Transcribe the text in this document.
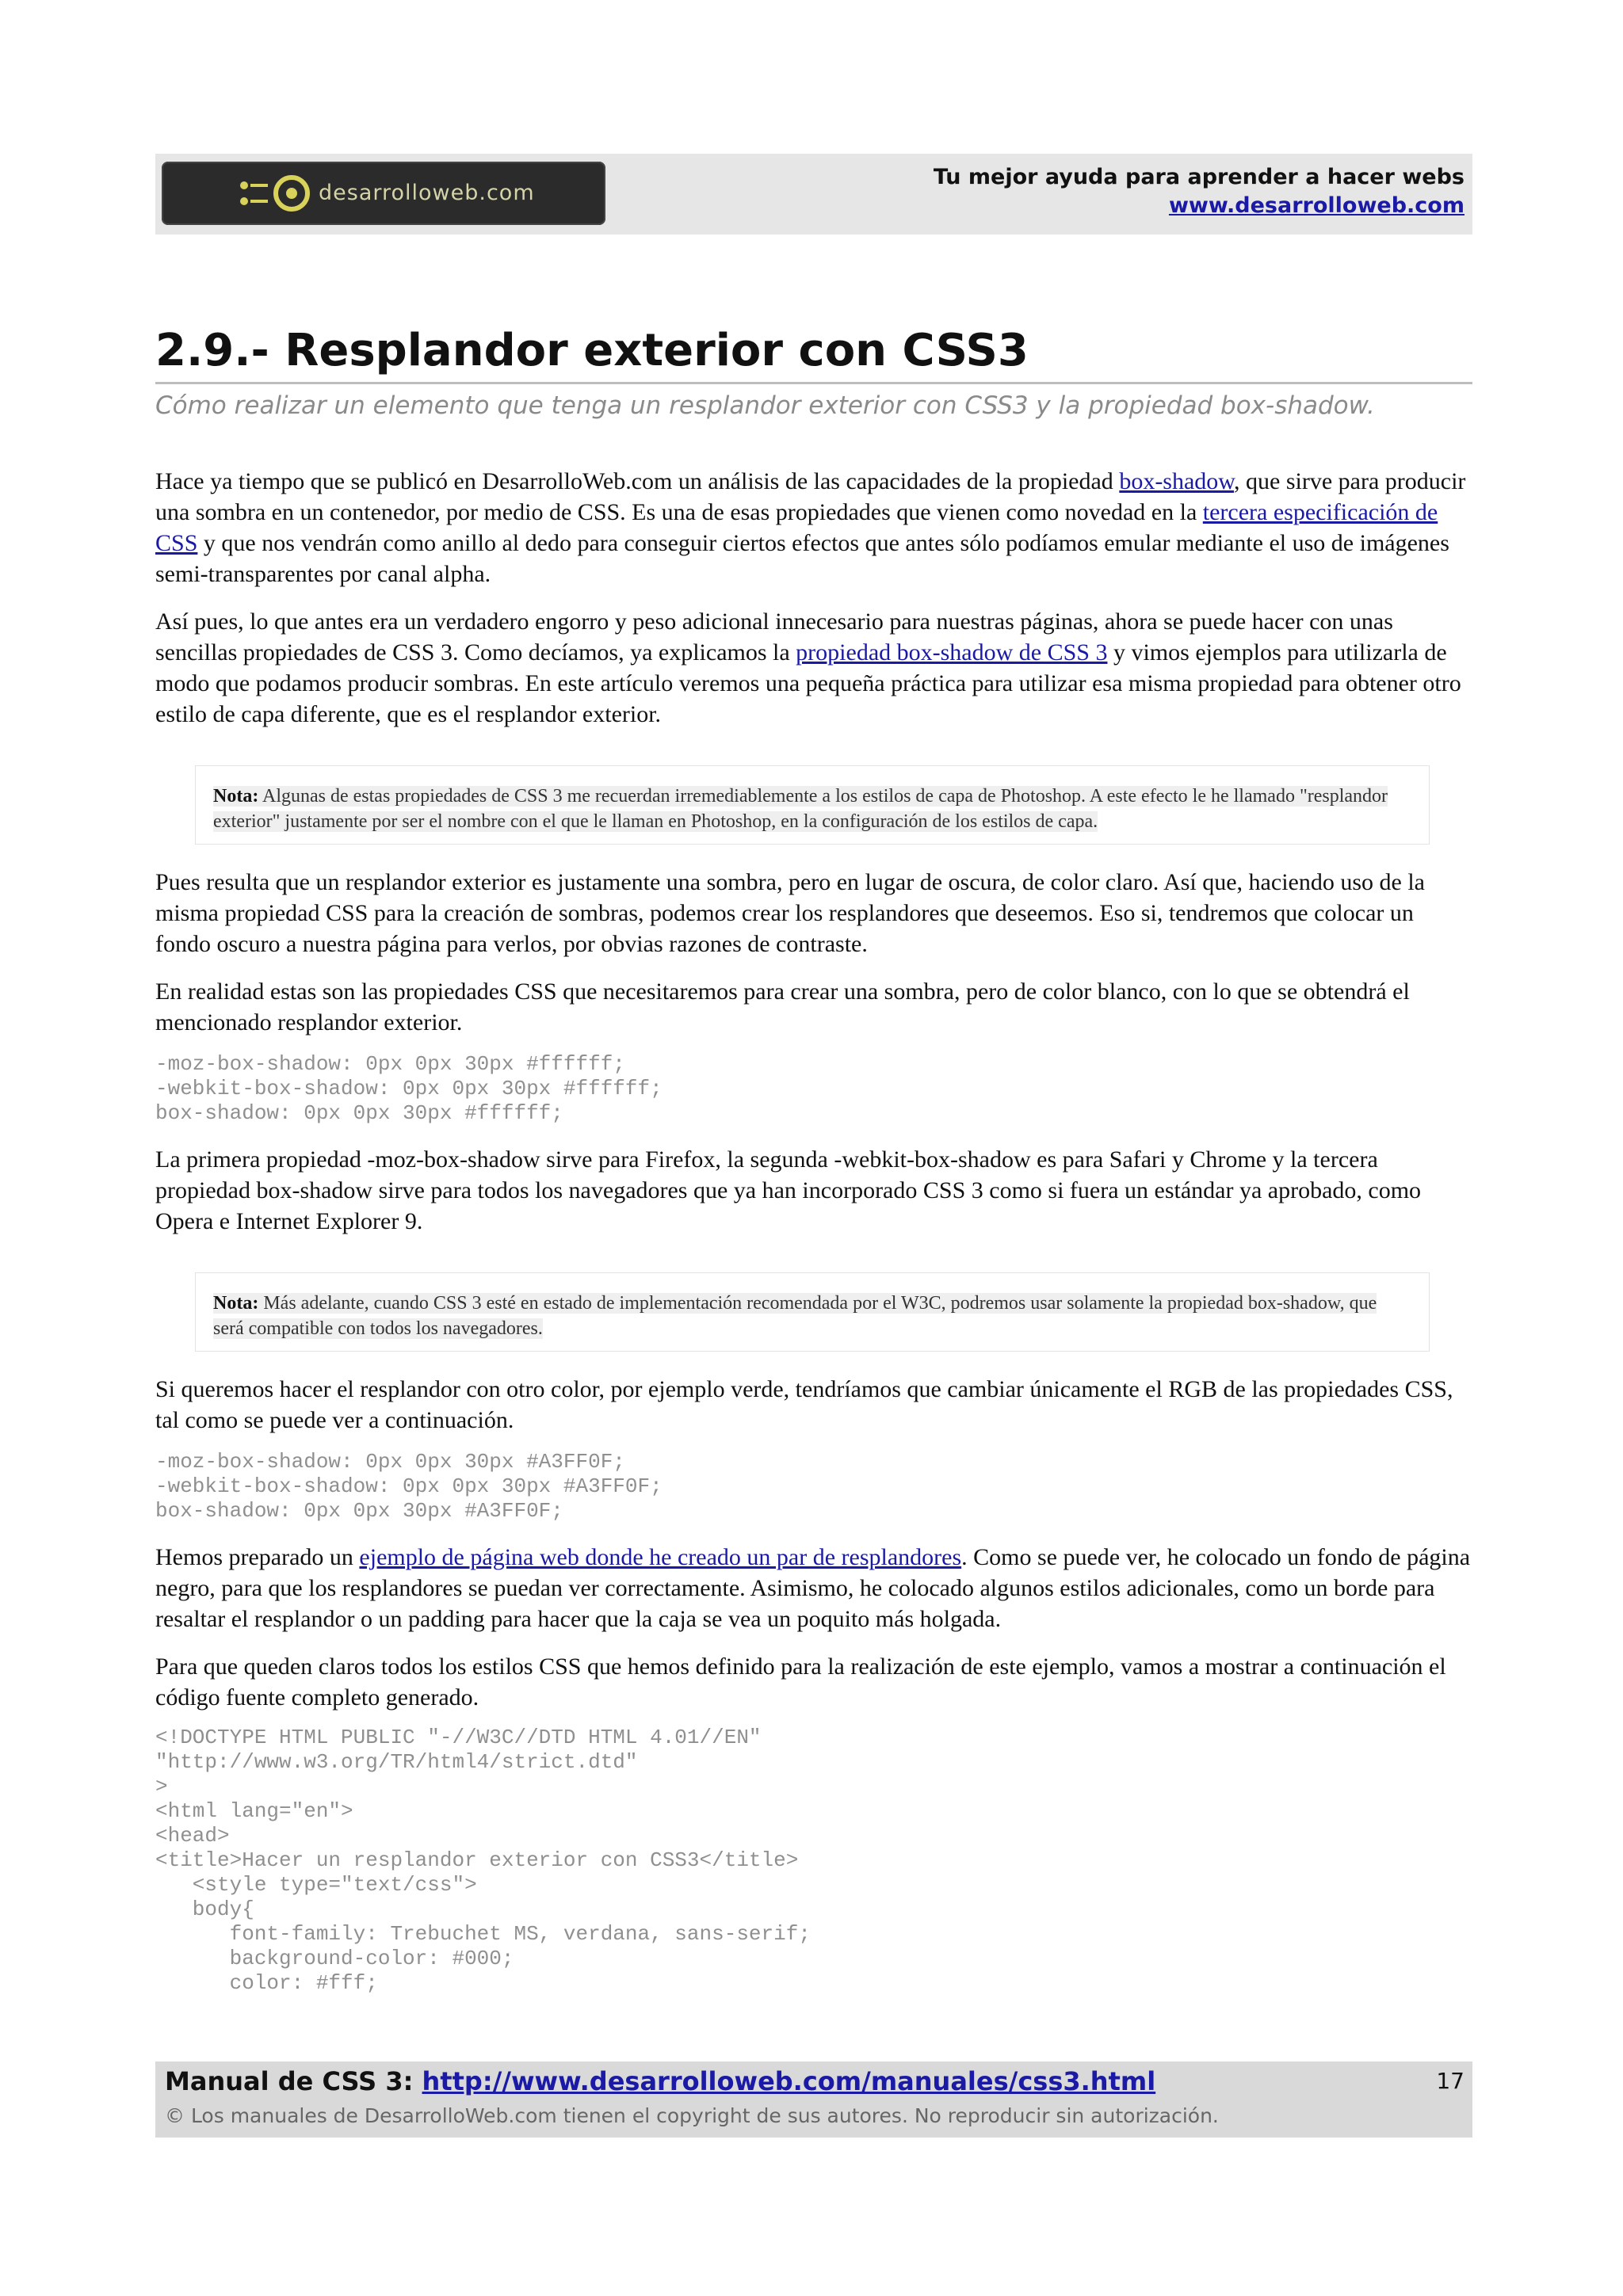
desarrolloweb.com
Tu mejor ayuda para aprender a hacer webs
www.desarrolloweb.com
2.9.- Resplandor exterior con CSS3
Cómo realizar un elemento que tenga un resplandor exterior con CSS3 y la propiedad box-shadow.

Hace ya tiempo que se publicó en DesarrolloWeb.com un análisis de las capacidades de la propiedad box-shadow, que sirve para producir una sombra en un contenedor, por medio de CSS. Es una de esas propiedades que vienen como novedad en la tercera especificación de CSS y que nos vendrán como anillo al dedo para conseguir ciertos efectos que antes sólo podíamos emular mediante el uso de imágenes semi-transparentes por canal alpha.

Así pues, lo que antes era un verdadero engorro y peso adicional innecesario para nuestras páginas, ahora se puede hacer con unas sencillas propiedades de CSS 3. Como decíamos, ya explicamos la propiedad box-shadow de CSS 3 y vimos ejemplos para utilizarla de modo que podamos producir sombras. En este artículo veremos una pequeña práctica para utilizar esa misma propiedad para obtener otro estilo de capa diferente, que es el resplandor exterior.

Nota: Algunas de estas propiedades de CSS 3 me recuerdan irremediablemente a los estilos de capa de Photoshop. A este efecto le he llamado "resplandor exterior" justamente por ser el nombre con el que le llaman en Photoshop, en la configuración de los estilos de capa.

Pues resulta que un resplandor exterior es justamente una sombra, pero en lugar de oscura, de color claro. Así que, haciendo uso de la misma propiedad CSS para la creación de sombras, podemos crear los resplandores que deseemos. Eso si, tendremos que colocar un fondo oscuro a nuestra página para verlos, por obvias razones de contraste.

En realidad estas son las propiedades CSS que necesitaremos para crear una sombra, pero de color blanco, con lo que se obtendrá el mencionado resplandor exterior.

-moz-box-shadow: 0px 0px 30px #ffffff;
-webkit-box-shadow: 0px 0px 30px #ffffff;
box-shadow: 0px 0px 30px #ffffff;

La primera propiedad -moz-box-shadow sirve para Firefox, la segunda -webkit-box-shadow es para Safari y Chrome y la tercera propiedad box-shadow sirve para todos los navegadores que ya han incorporado CSS 3 como si fuera un estándar ya aprobado, como Opera e Internet Explorer 9.

Nota: Más adelante, cuando CSS 3 esté en estado de implementación recomendada por el W3C, podremos usar solamente la propiedad box-shadow, que será compatible con todos los navegadores.

Si queremos hacer el resplandor con otro color, por ejemplo verde, tendríamos que cambiar únicamente el RGB de las propiedades CSS, tal como se puede ver a continuación.

-moz-box-shadow: 0px 0px 30px #A3FF0F;
-webkit-box-shadow: 0px 0px 30px #A3FF0F;
box-shadow: 0px 0px 30px #A3FF0F;

Hemos preparado un ejemplo de página web donde he creado un par de resplandores. Como se puede ver, he colocado un fondo de página negro, para que los resplandores se puedan ver correctamente. Asimismo, he colocado algunos estilos adicionales, como un borde para resaltar el resplandor o un padding para hacer que la caja se vea un poquito más holgada.

Para que queden claros todos los estilos CSS que hemos definido para la realización de este ejemplo, vamos a mostrar a continuación el código fuente completo generado.

<!DOCTYPE HTML PUBLIC "-//W3C//DTD HTML 4.01//EN"
"http://www.w3.org/TR/html4/strict.dtd"
>
<html lang="en">
<head>
<title>Hacer un resplandor exterior con CSS3</title>
<style type="text/css">
body{
font-family: Trebuchet MS, verdana, sans-serif;
background-color: #000;
color: #fff;
Manual de CSS 3: http://www.desarrolloweb.com/manuales/css3.html
© Los manuales de DesarrolloWeb.com tienen el copyright de sus autores. No reproducir sin autorización.
17
